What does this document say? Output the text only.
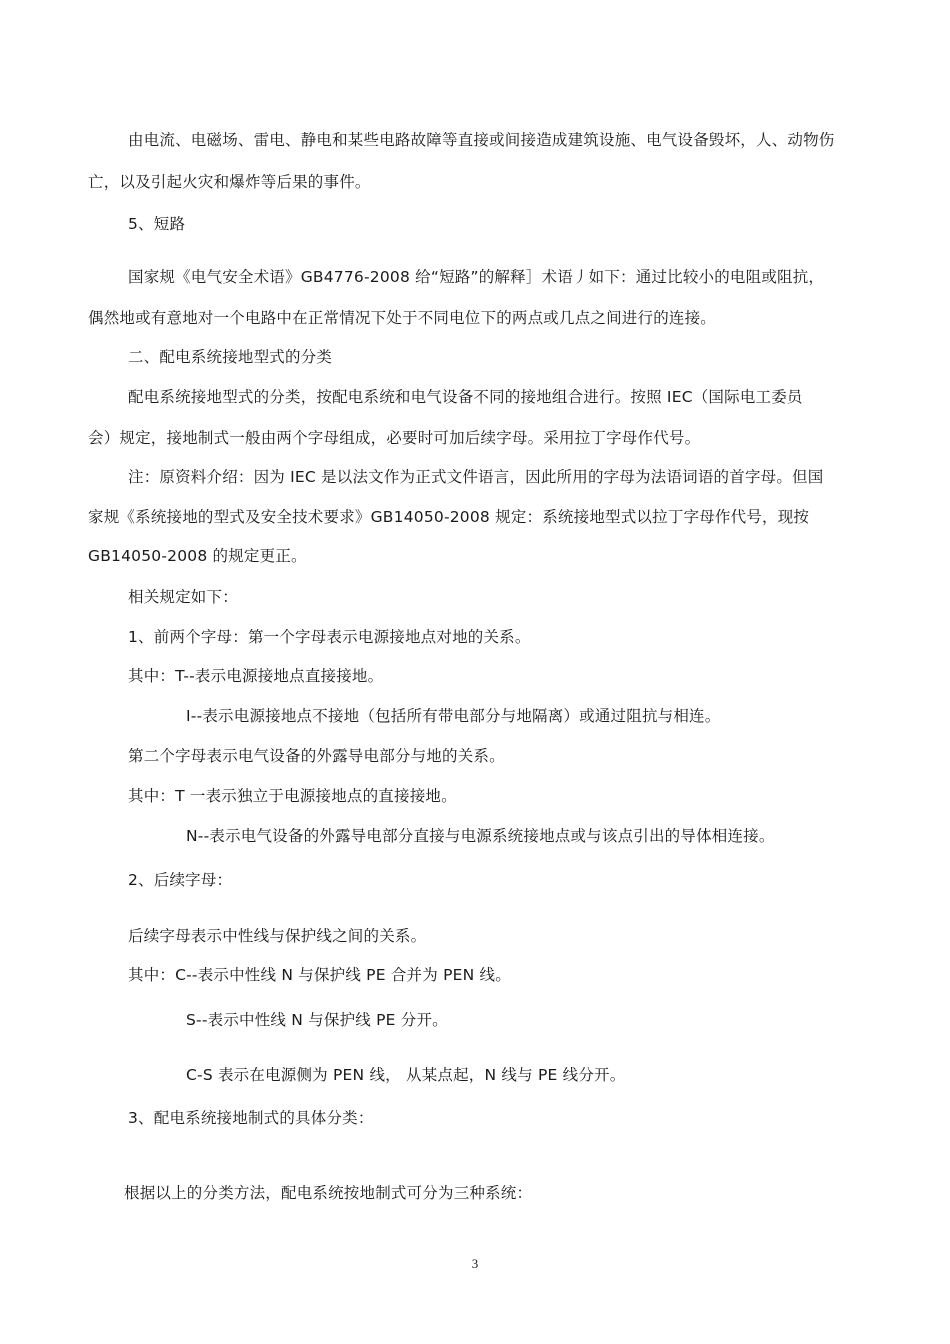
由电流、电磁场、雷电、静电和某些电路故障等直接或间接造成建筑设施、电气设备毁坏，人、动物伤
亡，以及引起火灾和爆炸等后果的事件。
5、短路
国家规《电气安全术语》GB4776-2008 给“短路”的解释］术语丿如下：通过比较小的电阻或阻抗，
偶然地或有意地对一个电路中在正常情况下处于不同电位下的两点或几点之间进行的连接。
二、配电系统接地型式的分类
配电系统接地型式的分类，按配电系统和电气设备不同的接地组合进行。按照 IEC（国际电工委员
会）规定，接地制式一般由两个字母组成，必要时可加后续字母。采用拉丁字母作代号。
注：原资料介绍：因为 IEC 是以法文作为正式文件语言，因此所用的字母为法语词语的首字母。但国
家规《系统接地的型式及安全技术要求》GB14050-2008 规定：系统接地型式以拉丁字母作代号，现按
GB14050-2008 的规定更正。
相关规定如下：
1、前两个字母：第一个字母表示电源接地点对地的关系。
其中：T--表示电源接地点直接接地。
I--表示电源接地点不接地（包括所有带电部分与地隔离）或通过阻抗与相连。
第二个字母表示电气设备的外露导电部分与地的关系。
其中：T 一表示独立于电源接地点的直接接地。
N--表示电气设备的外露导电部分直接与电源系统接地点或与该点引出的导体相连接。
2、后续字母：
后续字母表示中性线与保护线之间的关系。
其中：C--表示中性线 N 与保护线 PE 合并为 PEN 线。
S--表示中性线 N 与保护线 PE 分开。
C-S 表示在电源侧为 PEN 线， 从某点起，N 线与 PE 线分开。
3、配电系统接地制式的具体分类：
根据以上的分类方法，配电系统按地制式可分为三种系统：
3
